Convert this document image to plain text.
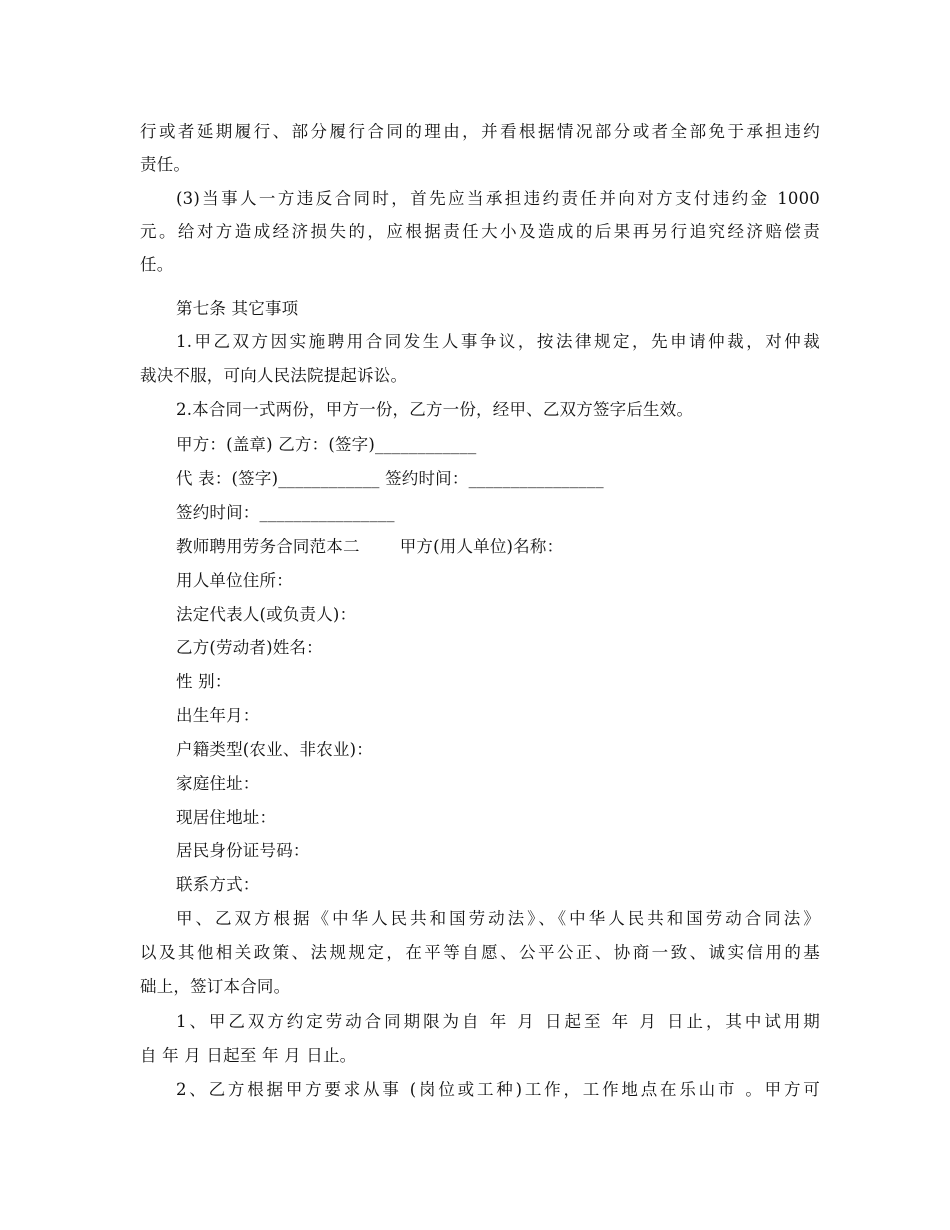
行或者延期履行、部分履行合同的理由，并看根据情况部分或者全部免于承担违约
责任。
(3)当事人一方违反合同时，首先应当承担违约责任并向对方支付违约金 1000
元。给对方造成经济损失的，应根据责任大小及造成的后果再另行追究经济赔偿责
任。
第七条 其它事项
1.甲乙双方因实施聘用合同发生人事争议，按法律规定，先申请仲裁，对仲裁
裁决不服，可向人民法院提起诉讼。
2.本合同一式两份，甲方一份，乙方一份，经甲、乙双方签字后生效。
甲方：(盖章) 乙方：(签字)____________
代 表：(签字)____________ 签约时间：________________
签约时间：________________
教师聘用劳务合同范本二 甲方(用人单位)名称：
用人单位住所：
法定代表人(或负责人)：
乙方(劳动者)姓名：
性 别：
出生年月：
户籍类型(农业、非农业)：
家庭住址：
现居住地址：
居民身份证号码：
联系方式：
甲、乙双方根据《中华人民共和国劳动法》、《中华人民共和国劳动合同法》
以及其他相关政策、法规规定，在平等自愿、公平公正、协商一致、诚实信用的基
础上，签订本合同。
1、甲乙双方约定劳动合同期限为自 年 月 日起至 年 月 日止，其中试用期
自 年 月 日起至 年 月 日止。
2、乙方根据甲方要求从事 (岗位或工种)工作，工作地点在乐山市 。甲方可
